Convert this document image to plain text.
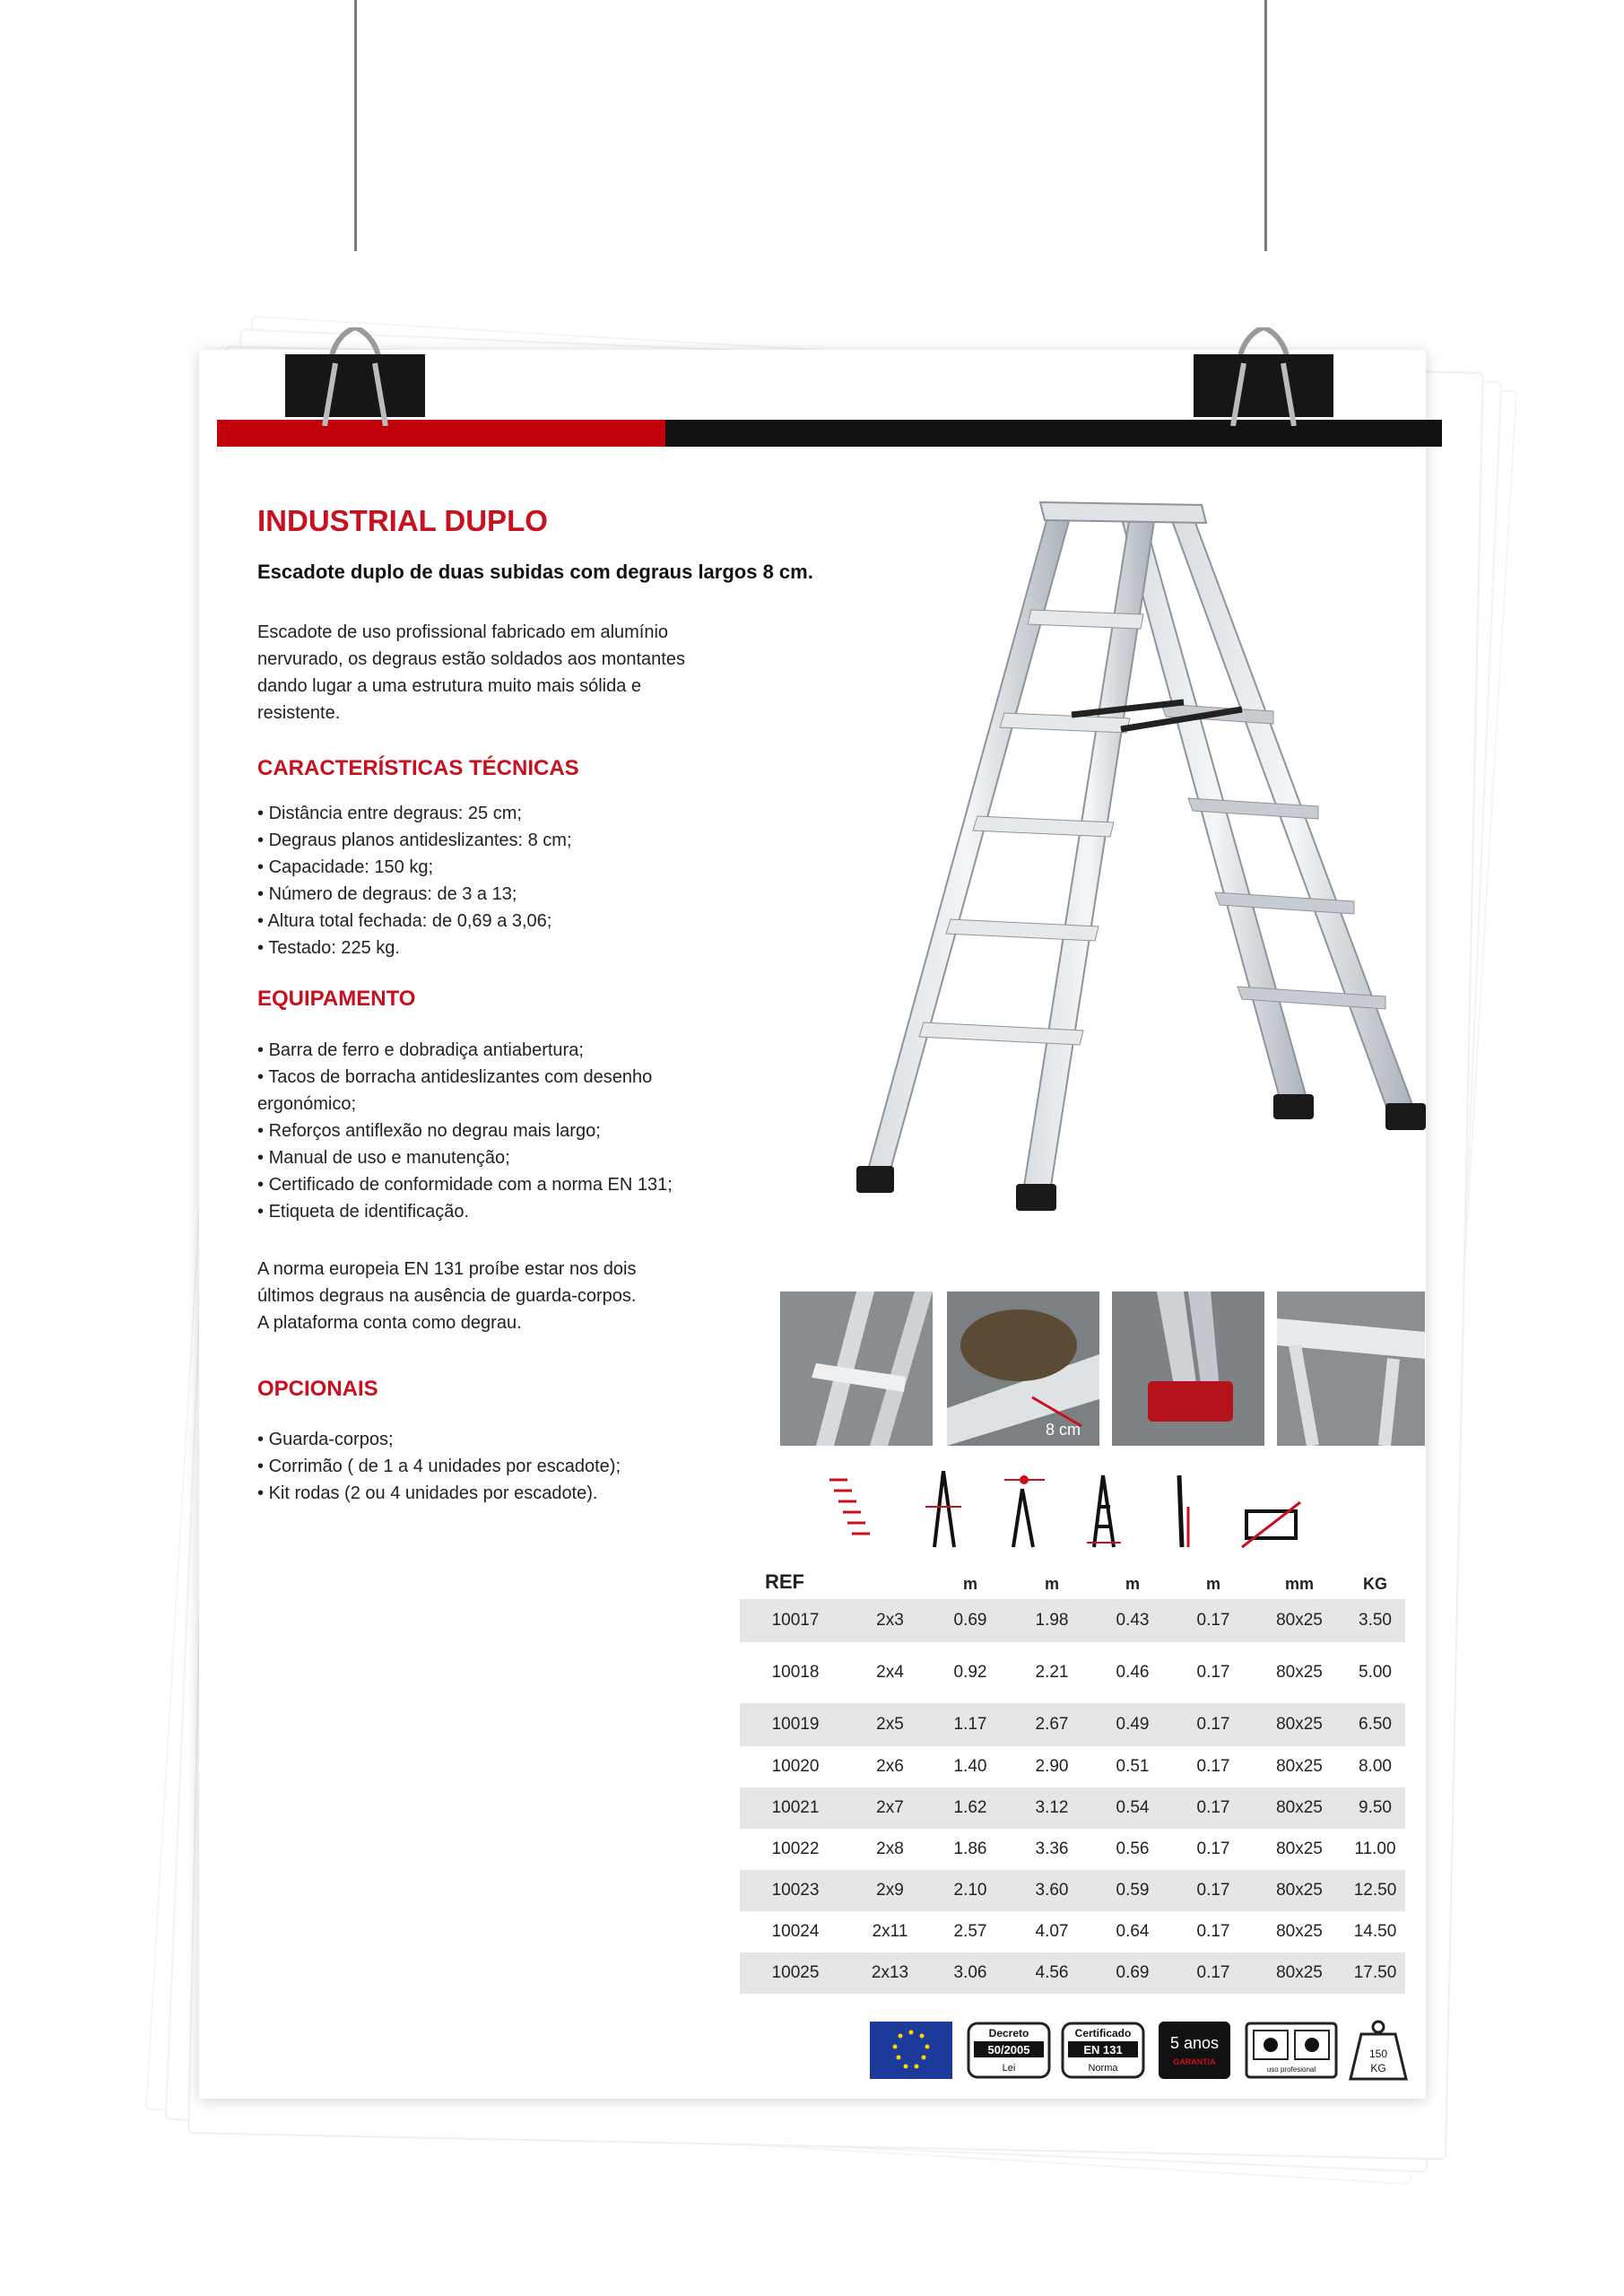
INDUSTRIAL DUPLO

Escadote duplo de duas subidas com degraus largos 8 cm.

Escadote de uso profissional fabricado em alumínio
nervurado, os degraus estão soldados aos montantes
dando lugar a uma estrutura muito mais sólida e
resistente.
CARACTERÍSTICAS TÉCNICAS
• Distância entre degraus: 25 cm;
• Degraus planos antideslizantes: 8 cm;
• Capacidade: 150 kg;
• Número de degraus: de 3 a 13;
• Altura total fechada: de 0,69 a 3,06;
• Testado: 225 kg.
EQUIPAMENTO
• Barra de ferro e dobradiça antiabertura;
• Tacos de borracha antideslizantes com desenho
ergonómico;
• Reforços antiflexão no degrau mais largo;
• Manual de uso e manutenção;
• Certificado de conformidade com a norma EN 131;
• Etiqueta de identificação.
A norma europeia EN 131 proíbe estar nos dois
últimos degraus na ausência de guarda-corpos.
A plataforma conta como degrau.
OPCIONAIS
• Guarda-corpos;
• Corrimão ( de 1 a 4 unidades por escadote);
• Kit rodas (2 ou 4 unidades por escadote).
8 cm
REF		m	m	m	m	mm	KG
10017	2x3	0.69	1.98	0.43	0.17	80x25	3.50
10018	2x4	0.92	2.21	0.46	0.17	80x25	5.00
10019	2x5	1.17	2.67	0.49	0.17	80x25	6.50
10020	2x6	1.40	2.90	0.51	0.17	80x25	8.00
10021	2x7	1.62	3.12	0.54	0.17	80x25	9.50
10022	2x8	1.86	3.36	0.56	0.17	80x25	11.00
10023	2x9	2.10	3.60	0.59	0.17	80x25	12.50
10024	2x11	2.57	4.07	0.64	0.17	80x25	14.50
10025	2x13	3.06	4.56	0.69	0.17	80x25	17.50
Decreto
50/2005
Lei
Certificado
EN 131
Norma
5 anos
GARANTIA
uso profesional
150
KG
